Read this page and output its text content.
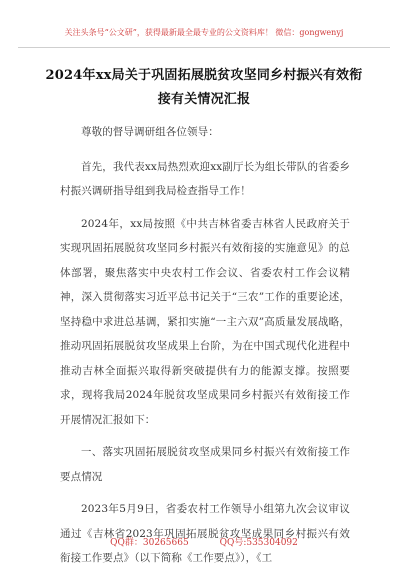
关注头条号“公文研”，获得最新最全最专业的公文资料库！ 微信：gongwenyj
2024年xx局关于巩固拓展脱贫攻坚同乡村振兴有效衔接有关情况汇报

尊敬的督导调研组各位领导：

首先，我代表xx局热烈欢迎xx副厅长为组长带队的省委乡村振兴调研指导组到我局检查指导工作！

2024年，xx局按照《中共吉林省委吉林省人民政府关于实现巩固拓展脱贫攻坚同乡村振兴有效衔接的实施意见》的总体部署，聚焦落实中央农村工作会议、省委农村工作会议精神，深入贯彻落实习近平总书记关于“三农”工作的重要论述，坚持稳中求进总基调，紧扣实施“一主六双”高质量发展战略，推动巩固拓展脱贫攻坚成果上台阶，为在中国式现代化进程中推动吉林全面振兴取得新突破提供有力的能源支撑。按照要求，现将我局2024年脱贫攻坚成果同乡村振兴有效衔接工作开展情况汇报如下：

一、落实巩固拓展脱贫攻坚成果同乡村振兴有效衔接工作要点情况

2023年5月9日，省委农村工作领导小组第九次会议审议通过《吉林省2023年巩固拓展脱贫攻坚成果同乡村振兴有效衔接工作要点》（以下简称《工作要点》），《工

QQ群：30265665	QQ号:535304092
